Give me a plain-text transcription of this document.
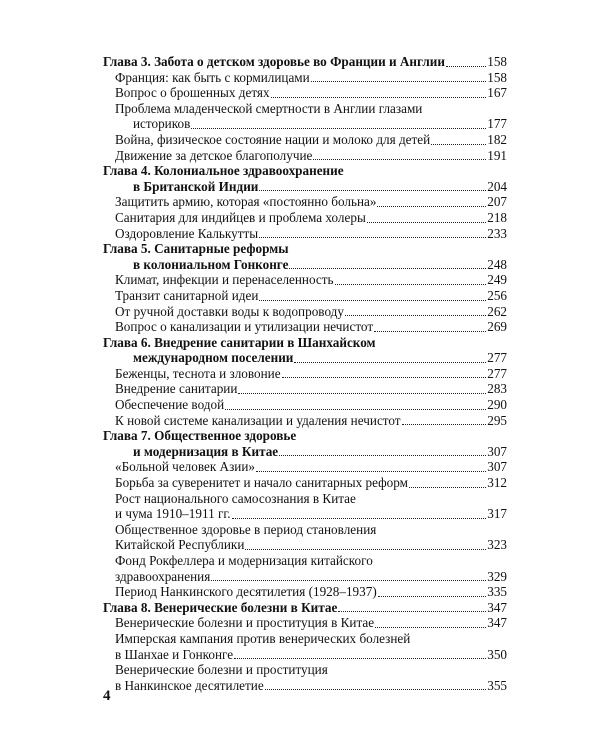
Глава 3. Забота о детском здоровье во Франции и Англии	158
Франция: как быть с кормилицами	158
Вопрос о брошенных детях	167
Проблема младенческой смертности в Англии глазами
историков	177
Война, физическое состояние нации и молоко для детей	182
Движение за детское благополучие	191
Глава 4. Колониальное здравоохранение
в Британской Индии	204
Защитить армию, которая «постоянно больна»	207
Санитария для индийцев и проблема холеры	218
Оздоровление Калькутты	233
Глава 5. Санитарные реформы
в колониальном Гонконге	248
Климат, инфекции и перенаселенность	249
Транзит санитарной идеи	256
От ручной доставки воды к водопроводу	262
Вопрос о канализации и утилизации нечистот	269
Глава 6. Внедрение санитарии в Шанхайском
международном поселении	277
Беженцы, теснота и зловоние	277
Внедрение санитарии	283
Обеспечение водой	290
К новой системе канализации и удаления нечистот	295
Глава 7. Общественное здоровье
и модернизация в Китае	307
«Больной человек Азии»	307
Борьба за суверенитет и начало санитарных реформ	312
Рост национального самосознания в Китае
и чума 1910–1911 гг.	317
Общественное здоровье в период становления
Китайской Республики	323
Фонд Рокфеллера и модернизация китайского
здравоохранения	329
Период Нанкинского десятилетия (1928–1937)	335
Глава 8. Венерические болезни в Китае	347
Венерические болезни и проституция в Китае	347
Имперская кампания против венерических болезней
в Шанхае и Гонконге	350
Венерические болезни и проституция
в Нанкинское десятилетие	355
4
